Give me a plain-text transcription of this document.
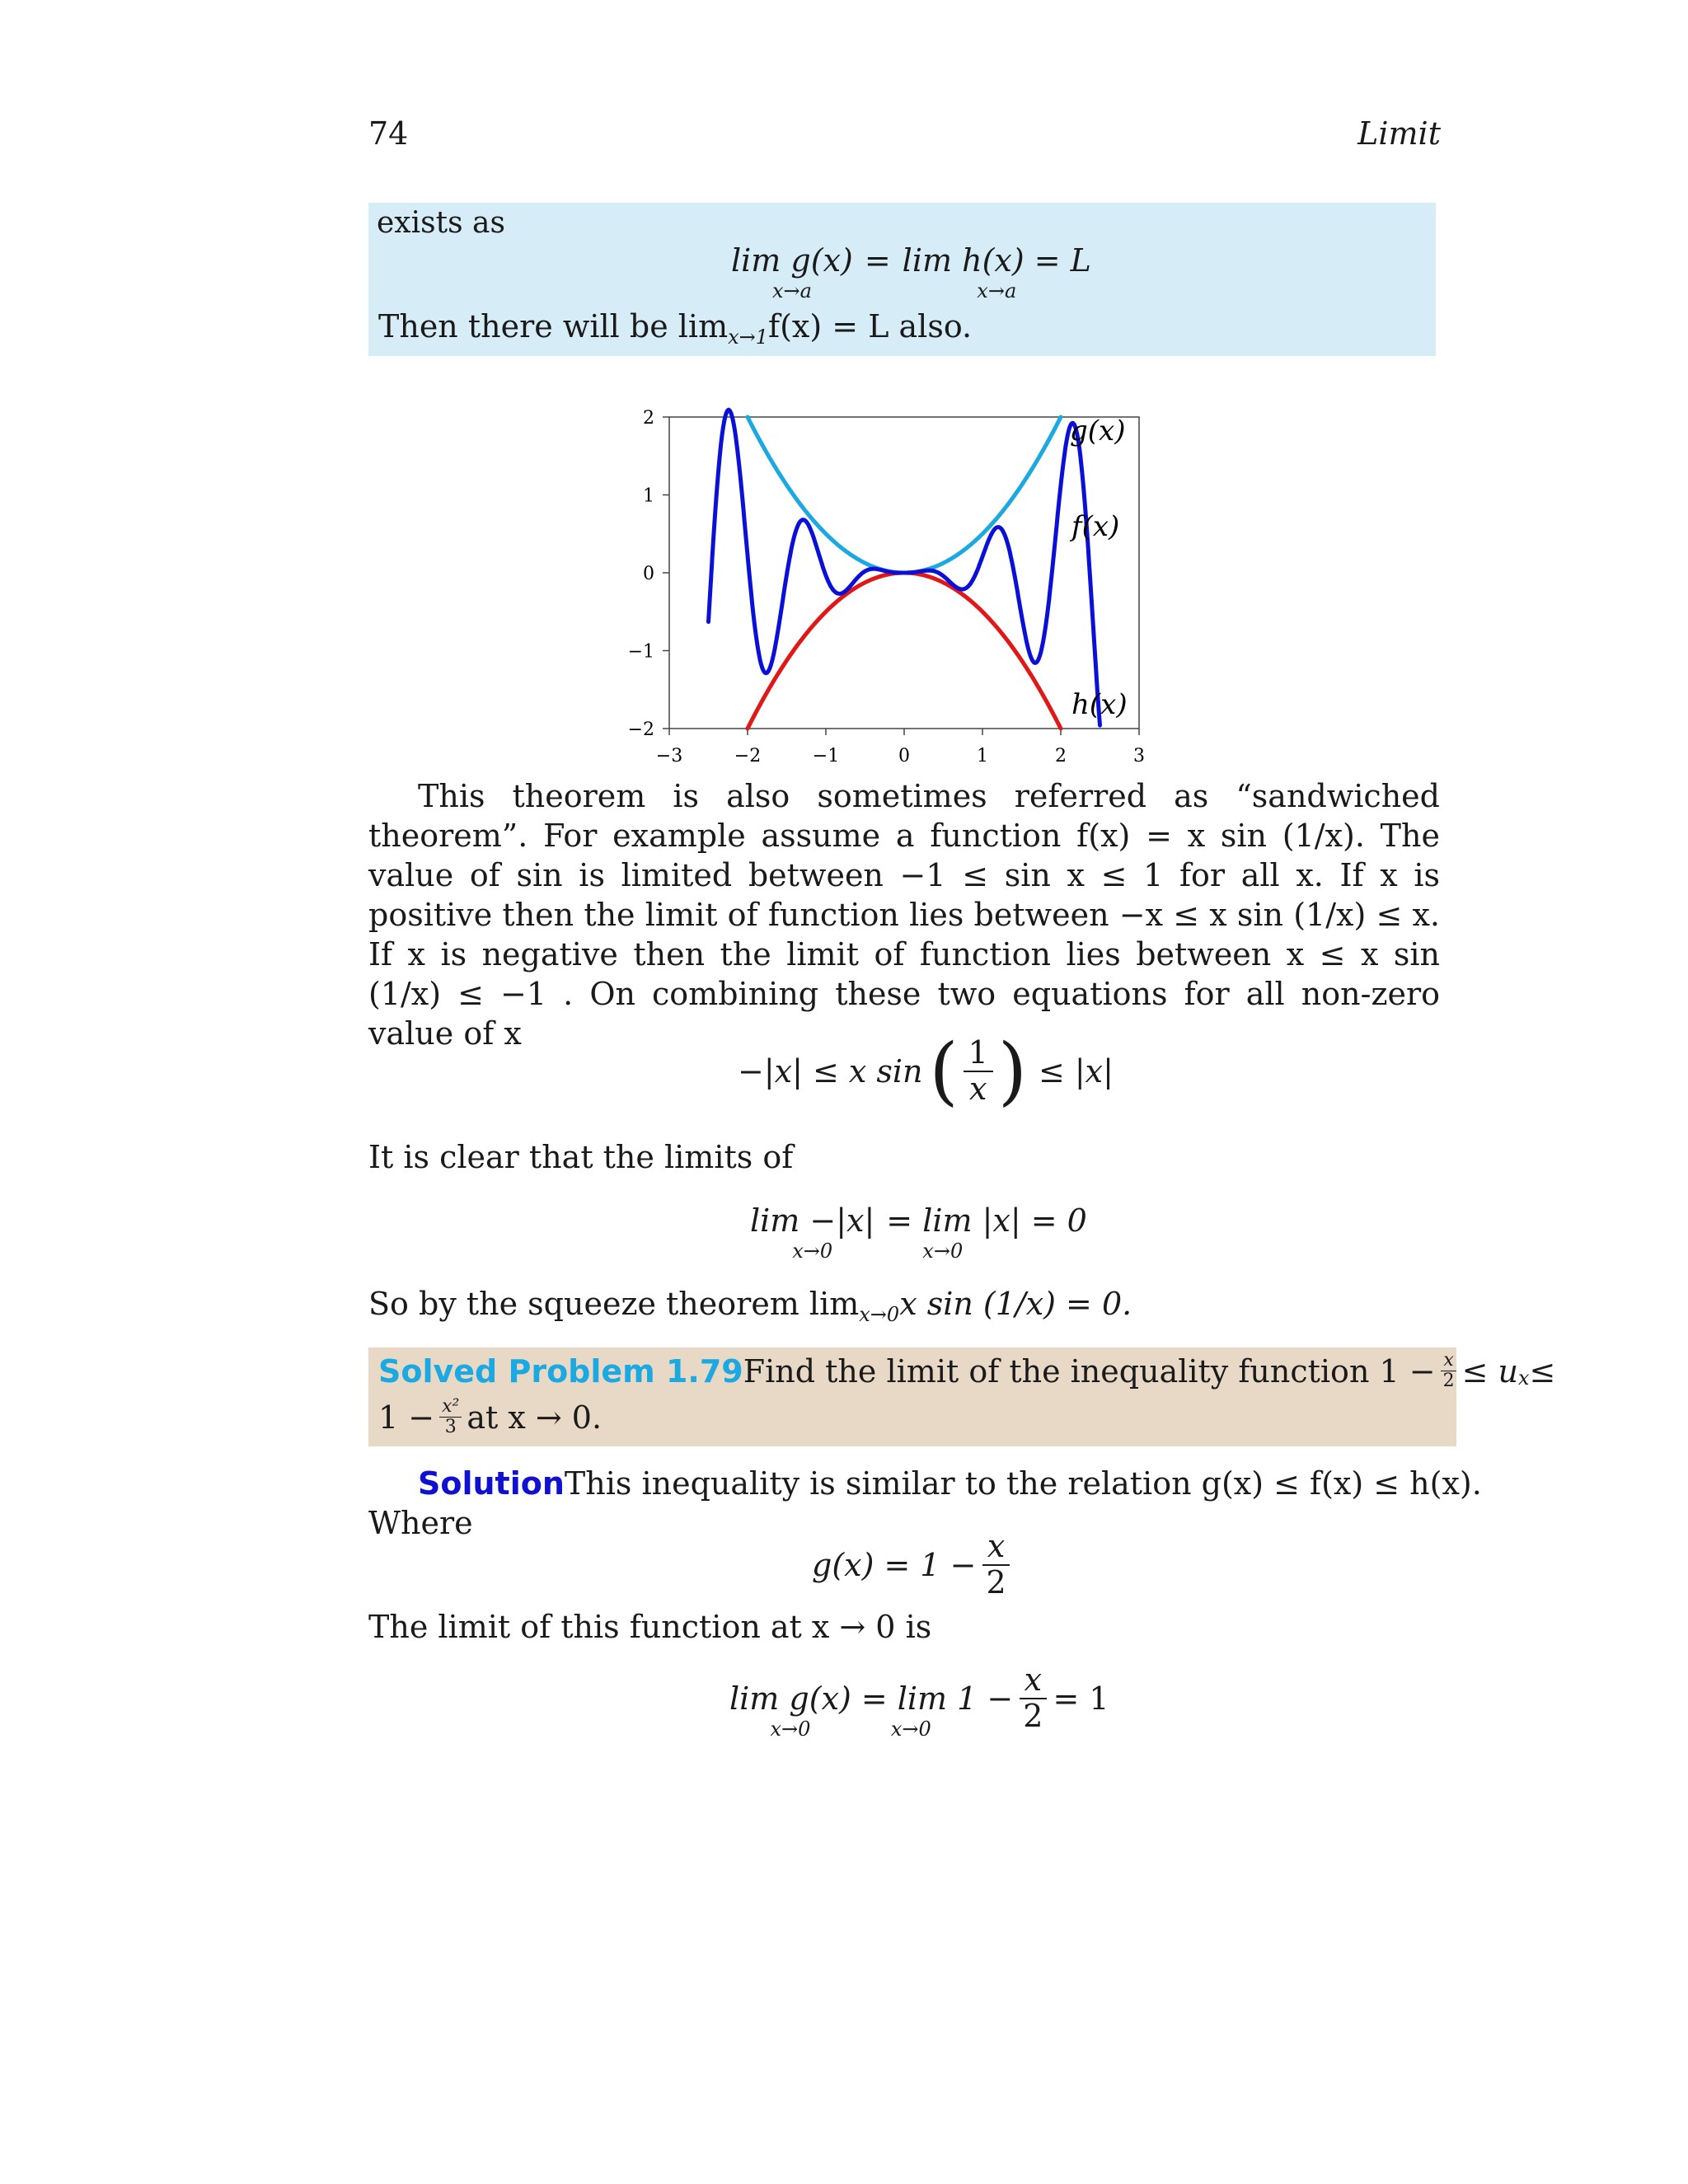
74	Limit
exists as
lim g(x)
x→a
= lim h(x) = L
x→a
Then there will be lim x→1 f(x) = L also.
−3	−2	−1	0	1	2	3
2
1
0
−1
−2
g(x)
f(x)
h(x)
This theorem is also sometimes referred as “sandwiched theorem”. For example assume a function f(x) = x sin (1/x). The value of sin is limited between −1 ≤ sin x ≤ 1 for all x. If x is positive then the limit of function lies between −x ≤ x sin (1/x) ≤ x. If x is negative then the limit of function lies between x ≤ x sin (1/x) ≤ −1 . On combining these two equations for all non-zero value of x
−|x| ≤ x sin ( $\frac{1}{x}$ ) ≤ |x|
It is clear that the limits of
lim −|x|
x→0
= lim |x| = 0
x→0
So by the squeeze theorem lim x→0 x sin (1/x) = 0.
Solved Problem 1.79 Find the limit of the inequality function $1 - \frac{x}{2} \le u$ x ≤
$1 - \frac{\text{x²}}{3}$ at x → 0.
Solution This inequality is similar to the relation g(x) ≤ f(x) ≤ h(x).
Where
$g(x) = 1 - \frac{x}{2}$
The limit of this function at x → 0 is
lim g(x)
x→0
= lim 1 −
x→0	$\frac{x}{2} = 1$
